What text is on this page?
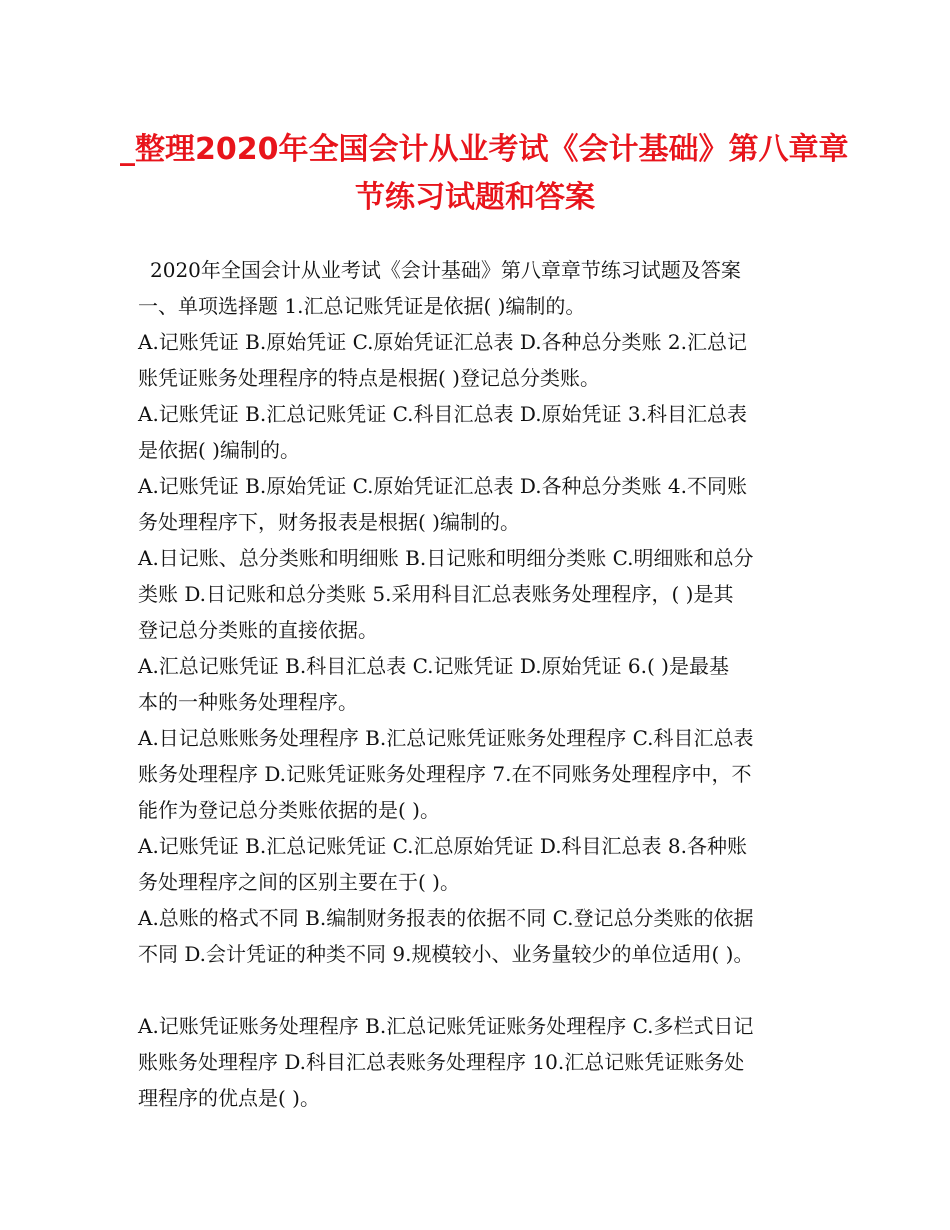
_整理2020年全国会计从业考试《会计基础》第八章章
节练习试题和答案
2020年全国会计从业考试《会计基础》第八章章节练习试题及答案
一、单项选择题 1.汇总记账凭证是依据( )编制的。
A.记账凭证 B.原始凭证 C.原始凭证汇总表 D.各种总分类账 2.汇总记
账凭证账务处理程序的特点是根据( )登记总分类账。
A.记账凭证 B.汇总记账凭证 C.科目汇总表 D.原始凭证 3.科目汇总表
是依据( )编制的。
A.记账凭证 B.原始凭证 C.原始凭证汇总表 D.各种总分类账 4.不同账
务处理程序下，财务报表是根据( )编制的。
A.日记账、总分类账和明细账 B.日记账和明细分类账 C.明细账和总分
类账 D.日记账和总分类账 5.采用科目汇总表账务处理程序，( )是其
登记总分类账的直接依据。
A.汇总记账凭证 B.科目汇总表 C.记账凭证 D.原始凭证 6.( )是最基
本的一种账务处理程序。
A.日记总账账务处理程序 B.汇总记账凭证账务处理程序 C.科目汇总表
账务处理程序 D.记账凭证账务处理程序 7.在不同账务处理程序中，不
能作为登记总分类账依据的是( )。
A.记账凭证 B.汇总记账凭证 C.汇总原始凭证 D.科目汇总表 8.各种账
务处理程序之间的区别主要在于( )。
A.总账的格式不同 B.编制财务报表的依据不同 C.登记总分类账的依据
不同 D.会计凭证的种类不同 9.规模较小、业务量较少的单位适用( )。
A.记账凭证账务处理程序 B.汇总记账凭证账务处理程序 C.多栏式日记
账账务处理程序 D.科目汇总表账务处理程序 10.汇总记账凭证账务处
理程序的优点是( )。
